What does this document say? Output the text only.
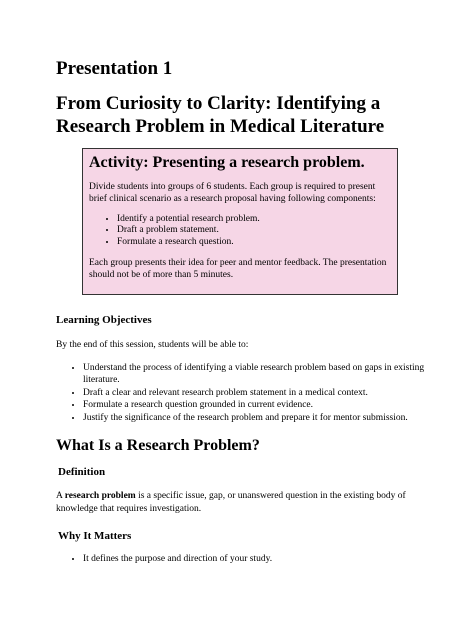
Presentation 1
From Curiosity to Clarity: Identifying a Research Problem in Medical Literature
Activity: Presenting a research problem.

Divide students into groups of 6 students. Each group is required to present brief clinical scenario as a research proposal having following components:

• Identify a potential research problem.
• Draft a problem statement.
• Formulate a research question.

Each group presents their idea for peer and mentor feedback. The presentation should not be of more than 5 minutes.

Learning Objectives

By the end of this session, students will be able to:

• Understand the process of identifying a viable research problem based on gaps in existing literature.
• Draft a clear and relevant research problem statement in a medical context.
• Formulate a research question grounded in current evidence.
• Justify the significance of the research problem and prepare it for mentor submission.
What Is a Research Problem?
Definition

A research problem is a specific issue, gap, or unanswered question in the existing body of knowledge that requires investigation.

Why It Matters
• It defines the purpose and direction of your study.
